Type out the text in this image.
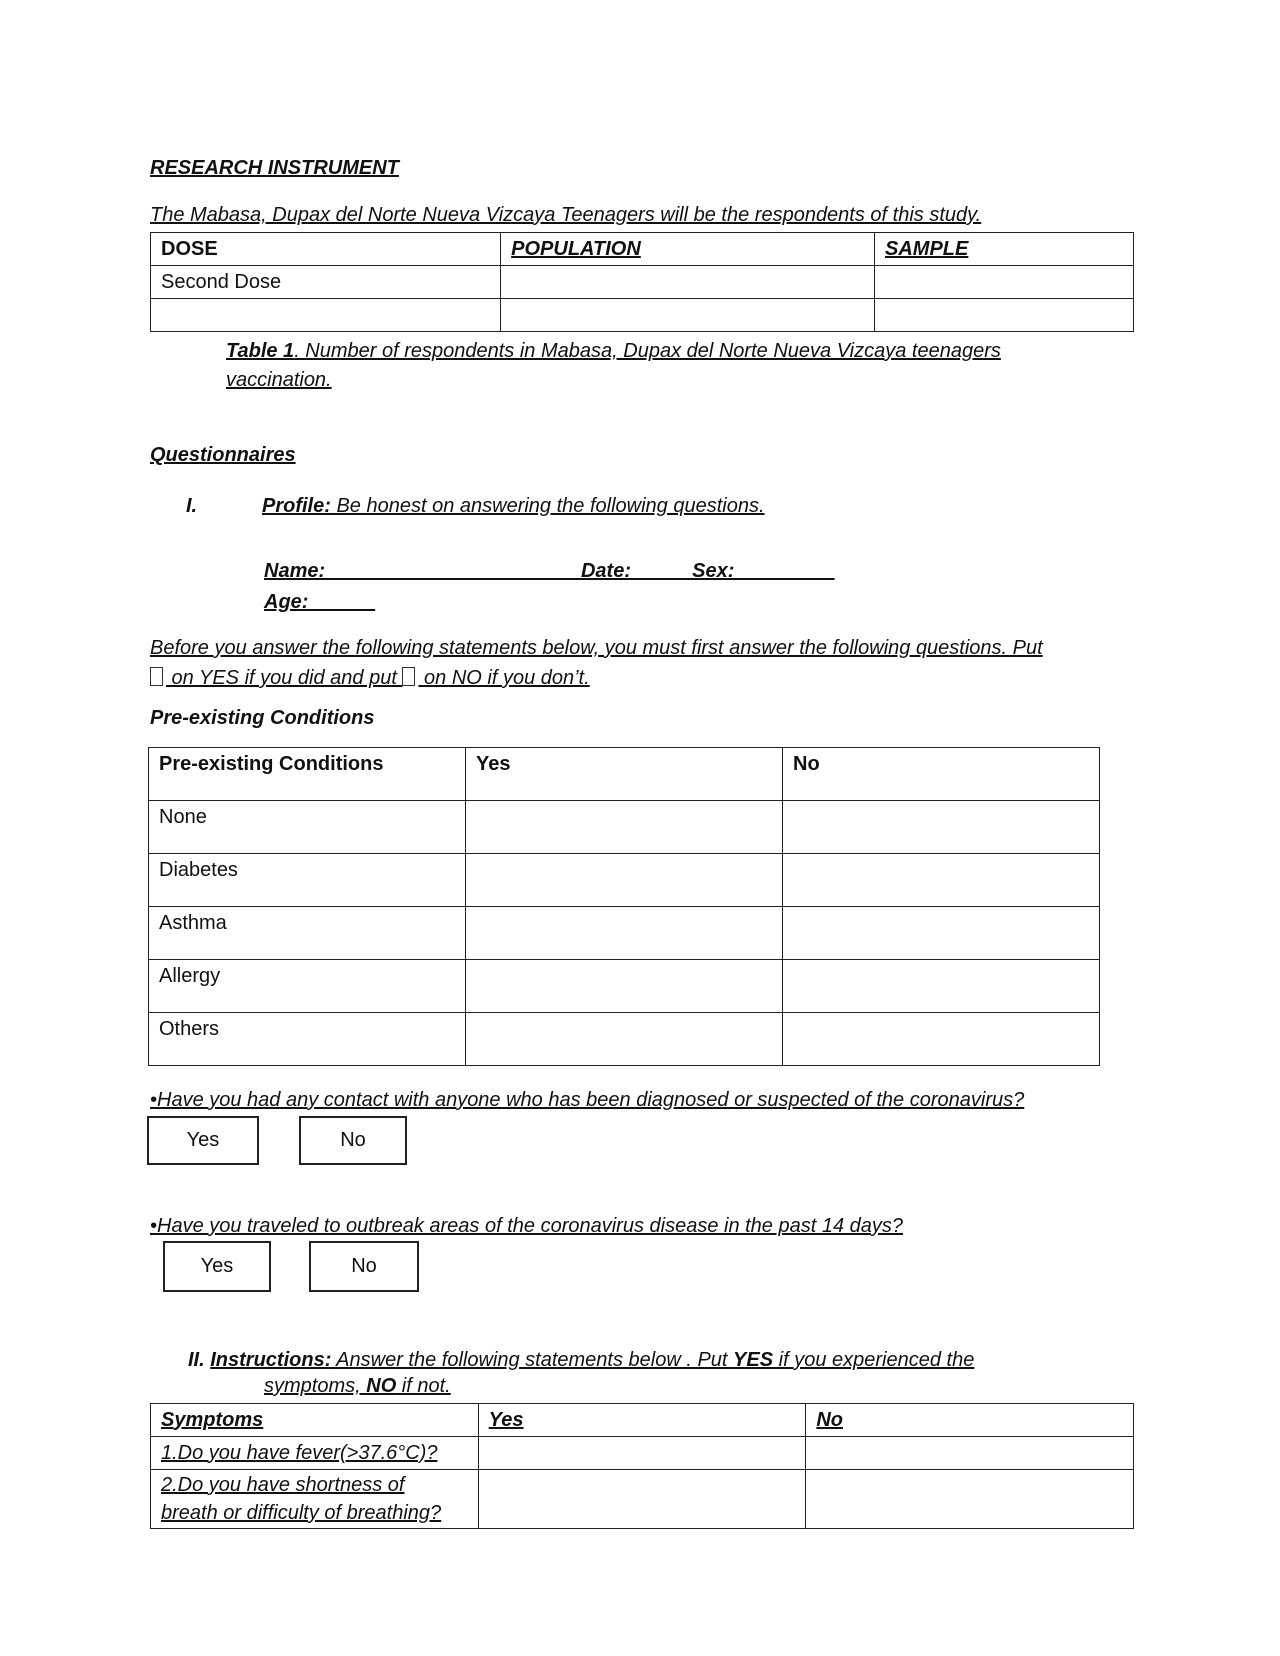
RESEARCH INSTRUMENT
The Mabasa, Dupax del Norte Nueva Vizcaya Teenagers will be the respondents of this study.
DOSE	POPULATION	SAMPLE
Second Dose		

Table 1. Number of respondents in Mabasa, Dupax del Norte Nueva Vizcaya teenagers vaccination.
Questionnaires
I.	Profile: Be honest on answering the following questions.
Name:_______________________Date:_____ Sex:_________
Age:______
Before you answer the following statements below, you must first answer the following questions. Put
on YES if you did and put  on NO if you don’t.
Pre-existing Conditions
Pre-existing Conditions	Yes	No
None		
Diabetes		
Asthma		
Allergy		
Others		
•Have you had any contact with anyone who has been diagnosed or suspected of the coronavirus?
Yes	No
•Have you traveled to outbreak areas of the coronavirus disease in the past 14 days?
Yes	No
II. Instructions: Answer the following statements below . Put YES if you experienced the
symptoms, NO if not.
Symptoms	Yes	No
1.Do you have fever(>37.6°C)?		
2.Do you have shortness of
breath or difficulty of breathing?		
